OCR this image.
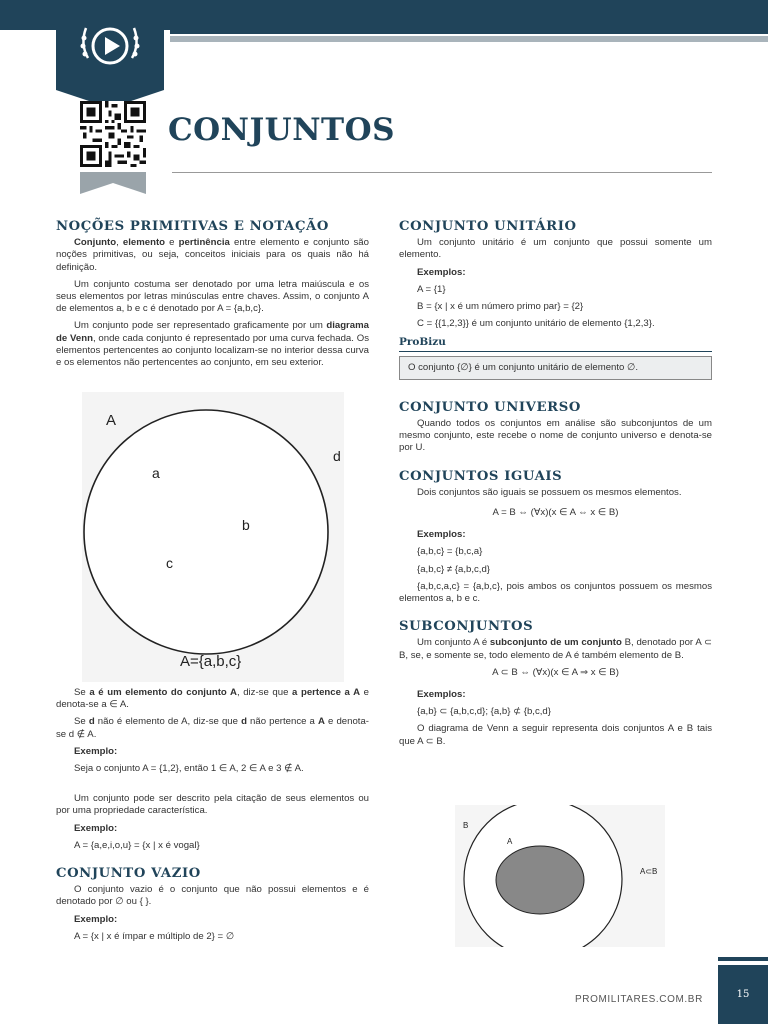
CONJUNTOS
NOÇÕES PRIMITIVAS E NOTAÇÃO

Conjunto, elemento e pertinência entre elemento e conjunto são noções primitivas, ou seja, conceitos iniciais para os quais não há definição.

Um conjunto costuma ser denotado por uma letra maiúscula e os seus elementos por letras minúsculas entre chaves. Assim, o conjunto A de elementos a, b e c é denotado por A = {a,b,c}.

Um conjunto pode ser representado graficamente por um diagrama de Venn, onde cada conjunto é representado por uma curva fechada. Os elementos pertencentes ao conjunto localizam-se no interior dessa curva e os elementos não pertencentes ao conjunto, em seu exterior.

A
a
b
c
d
A={a,b,c}

Se a é um elemento do conjunto A, diz-se que a pertence a A e denota-se a ∈ A.

Se d não é elemento de A, diz-se que d não pertence a A e denota-se d ∉ A.

Exemplo:

Seja o conjunto A = {1,2}, então 1 ∈ A, 2 ∈ A e 3 ∉ A.

Um conjunto pode ser descrito pela citação de seus elementos ou por uma propriedade característica.

Exemplo:

A = {a,e,i,o,u} = {x | x é vogal}

CONJUNTO VAZIO

O conjunto vazio é o conjunto que não possui elementos e é denotado por ∅ ou { }.

Exemplo:

A = {x | x é ímpar e múltiplo de 2} = ∅

CONJUNTO UNITÁRIO

Um conjunto unitário é um conjunto que possui somente um elemento.

Exemplos:

A = {1}

B = {x | x é um número primo par} = {2}

C = {{1,2,3}} é um conjunto unitário de elemento {1,2,3}.

ProBizu
O conjunto {∅} é um conjunto unitário de elemento ∅.
CONJUNTO UNIVERSO

Quando todos os conjuntos em análise são subconjuntos de um mesmo conjunto, este recebe o nome de conjunto universo e denota-se por U.

CONJUNTOS IGUAIS

Dois conjuntos são iguais se possuem os mesmos elementos.

A = B ⇔ (∀x)(x ∈ A ⇔ x ∈ B)

Exemplos:

{a,b,c} = {b,c,a}

{a,b,c} ≠ {a,b,c,d}

{a,b,c,a,c} = {a,b,c}, pois ambos os conjuntos possuem os mesmos elementos a, b e c.

SUBCONJUNTOS

Um conjunto A é subconjunto de um conjunto B, denotado por A ⊂ B, se, e somente se, todo elemento de A é também elemento de B.

A ⊂ B ⇔ (∀x)(x ∈ A ⇒ x ∈ B)

Exemplos:

{a,b} ⊂ {a,b,c,d}; {a,b} ⊄ {b,c,d}

O diagrama de Venn a seguir representa dois conjuntos A e B tais que A ⊂ B.

B
A
A⊂B
PROMILITARES.COM.BR	15
